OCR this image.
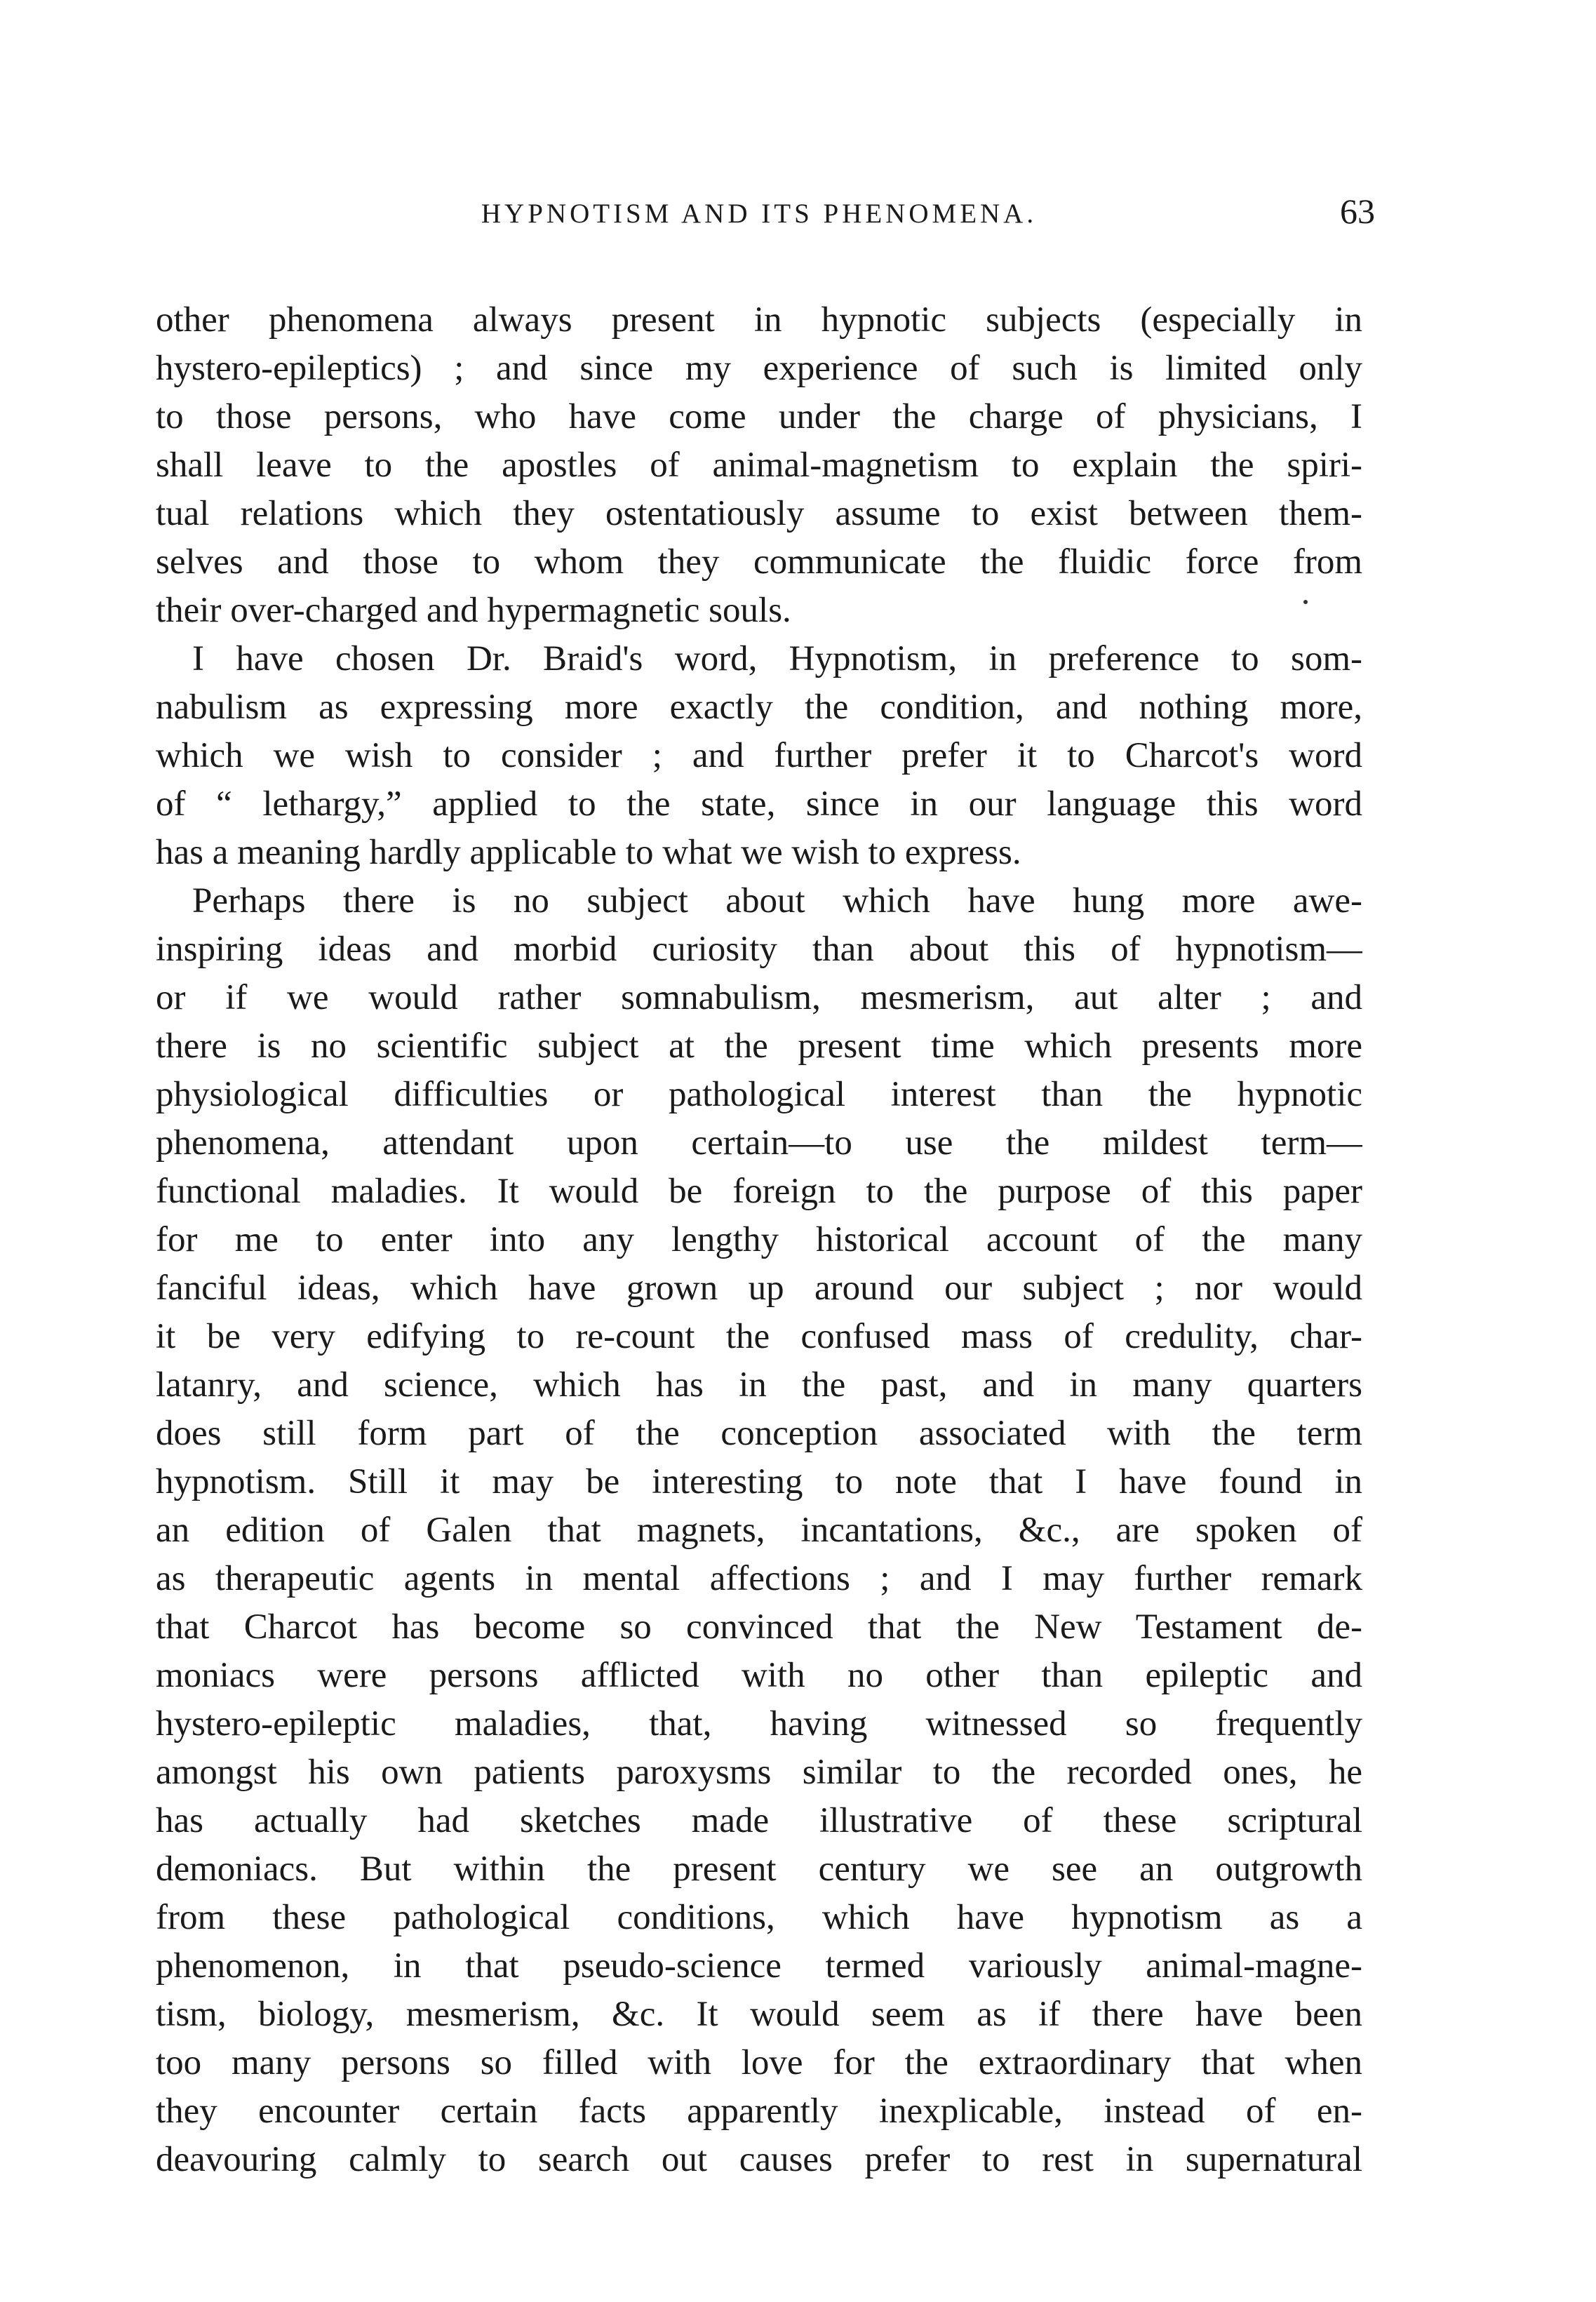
HYPNOTISM AND ITS PHENOMENA.	63
other phenomena always present in hypnotic subjects (especially in
hystero-epileptics) ; and since my experience of such is limited only
to those persons, who have come under the charge of physicians, I
shall leave to the apostles of animal-magnetism to explain the spiri-
tual relations which they ostentatiously assume to exist between them-
selves and those to whom they communicate the fluidic force from
their over-charged and hypermagnetic souls.
I have chosen Dr. Braid's word, Hypnotism, in preference to som-
nabulism as expressing more exactly the condition, and nothing more,
which we wish to consider ; and further prefer it to Charcot's word
of “ lethargy,” applied to the state, since in our language this word
has a meaning hardly applicable to what we wish to express.
Perhaps there is no subject about which have hung more awe-
inspiring ideas and morbid curiosity than about this of hypnotism—
or if we would rather somnabulism, mesmerism, aut alter ; and
there is no scientific subject at the present time which presents more
physiological difficulties or pathological interest than the hypnotic
phenomena, attendant upon certain—to use the mildest term—
functional maladies. It would be foreign to the purpose of this paper
for me to enter into any lengthy historical account of the many
fanciful ideas, which have grown up around our subject ; nor would
it be very edifying to re-count the confused mass of credulity, char-
latanry, and science, which has in the past, and in many quarters
does still form part of the conception associated with the term
hypnotism. Still it may be interesting to note that I have found in
an edition of Galen that magnets, incantations, &c., are spoken of
as therapeutic agents in mental affections ; and I may further remark
that Charcot has become so convinced that the New Testament de-
moniacs were persons afflicted with no other than epileptic and
hystero-epileptic maladies, that, having witnessed so frequently
amongst his own patients paroxysms similar to the recorded ones, he
has actually had sketches made illustrative of these scriptural
demoniacs. But within the present century we see an outgrowth
from these pathological conditions, which have hypnotism as a
phenomenon, in that pseudo-science termed variously animal-magne-
tism, biology, mesmerism, &c. It would seem as if there have been
too many persons so filled with love for the extraordinary that when
they encounter certain facts apparently inexplicable, instead of en-
deavouring calmly to search out causes prefer to rest in supernatural
